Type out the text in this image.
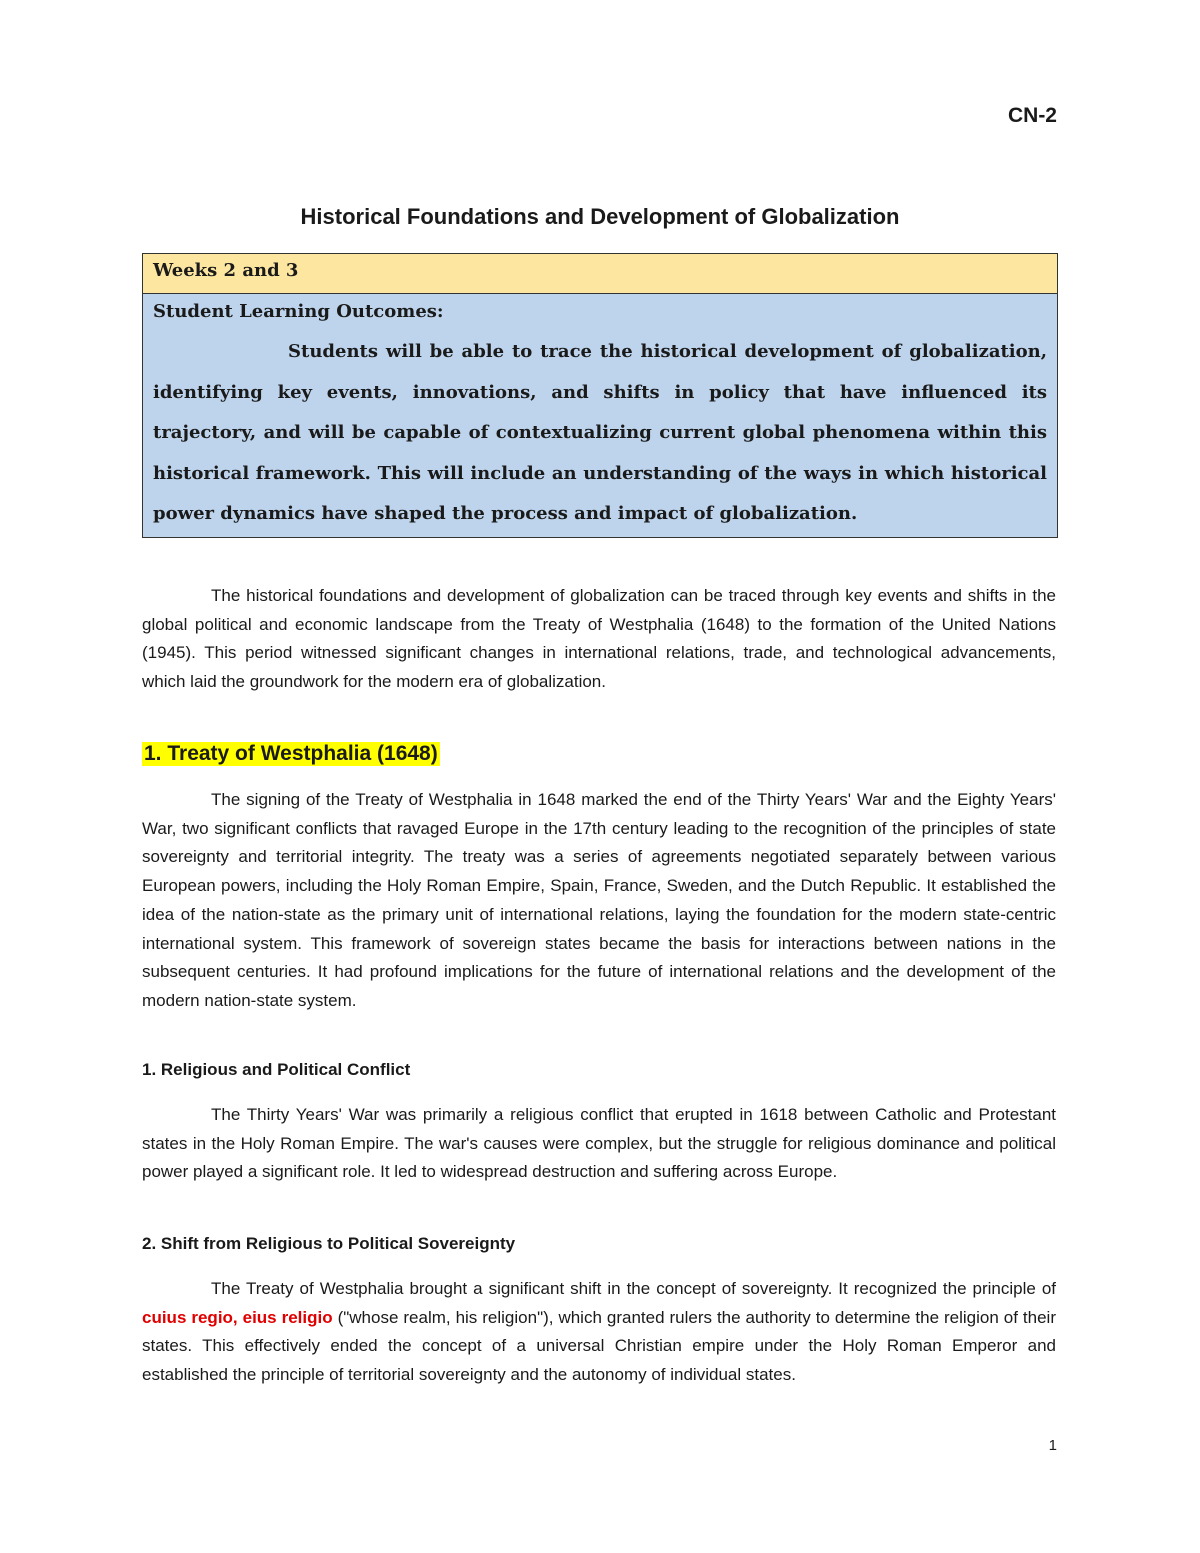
CN-2
Historical Foundations and Development of Globalization
Weeks 2 and 3

Student Learning Outcomes:

Students will be able to trace the historical development of globalization, identifying key events, innovations, and shifts in policy that have influenced its trajectory, and will be capable of contextualizing current global phenomena within this historical framework. This will include an understanding of the ways in which historical power dynamics have shaped the process and impact of globalization.

The historical foundations and development of globalization can be traced through key events and shifts in the global political and economic landscape from the Treaty of Westphalia (1648) to the formation of the United Nations (1945). This period witnessed significant changes in international relations, trade, and technological advancements, which laid the groundwork for the modern era of globalization.

1. Treaty of Westphalia (1648)

The signing of the Treaty of Westphalia in 1648 marked the end of the Thirty Years' War and the Eighty Years' War, two significant conflicts that ravaged Europe in the 17th century leading to the recognition of the principles of state sovereignty and territorial integrity. The treaty was a series of agreements negotiated separately between various European powers, including the Holy Roman Empire, Spain, France, Sweden, and the Dutch Republic. It established the idea of the nation-state as the primary unit of international relations, laying the foundation for the modern state-centric international system. This framework of sovereign states became the basis for interactions between nations in the subsequent centuries. It had profound implications for the future of international relations and the development of the modern nation-state system.

1. Religious and Political Conflict

The Thirty Years' War was primarily a religious conflict that erupted in 1618 between Catholic and Protestant states in the Holy Roman Empire. The war's causes were complex, but the struggle for religious dominance and political power played a significant role. It led to widespread destruction and suffering across Europe.

2. Shift from Religious to Political Sovereignty

The Treaty of Westphalia brought a significant shift in the concept of sovereignty. It recognized the principle of cuius regio, eius religio ("whose realm, his religion"), which granted rulers the authority to determine the religion of their states. This effectively ended the concept of a universal Christian empire under the Holy Roman Emperor and established the principle of territorial sovereignty and the autonomy of individual states.

1
